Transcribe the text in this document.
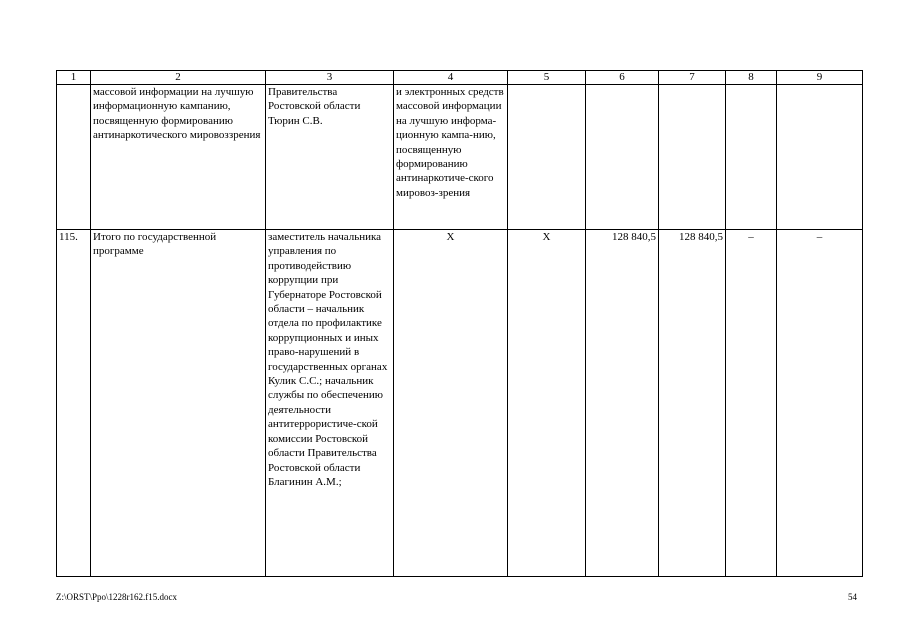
1	2	3	4	5	6	7	8	9
	массовой информации на лучшую информационную кампанию, посвященную формированию антинаркотического мировоззрения	Правительства Ростовской области Тюрин С.В.	и электронных средств массовой информации на лучшую информа-ционную кампа-нию, посвященную формированию антинаркотиче-ского мировоз-зрения					
115.	Итого по государственной программе	заместитель начальника управления по противодействию коррупции при Губернаторе Ростовской области – начальник отдела по профилактике коррупционных и иных право-нарушений в государственных органах Кулик С.С.; начальник службы по обеспечению деятельности антитеррористиче-ской комиссии Ростовской области Правительства Ростовской области Благинин А.М.;	Х	Х	128 840,5	128 840,5	–	–
Z:\ORST\Ppo\1228r162.f15.docx	54
